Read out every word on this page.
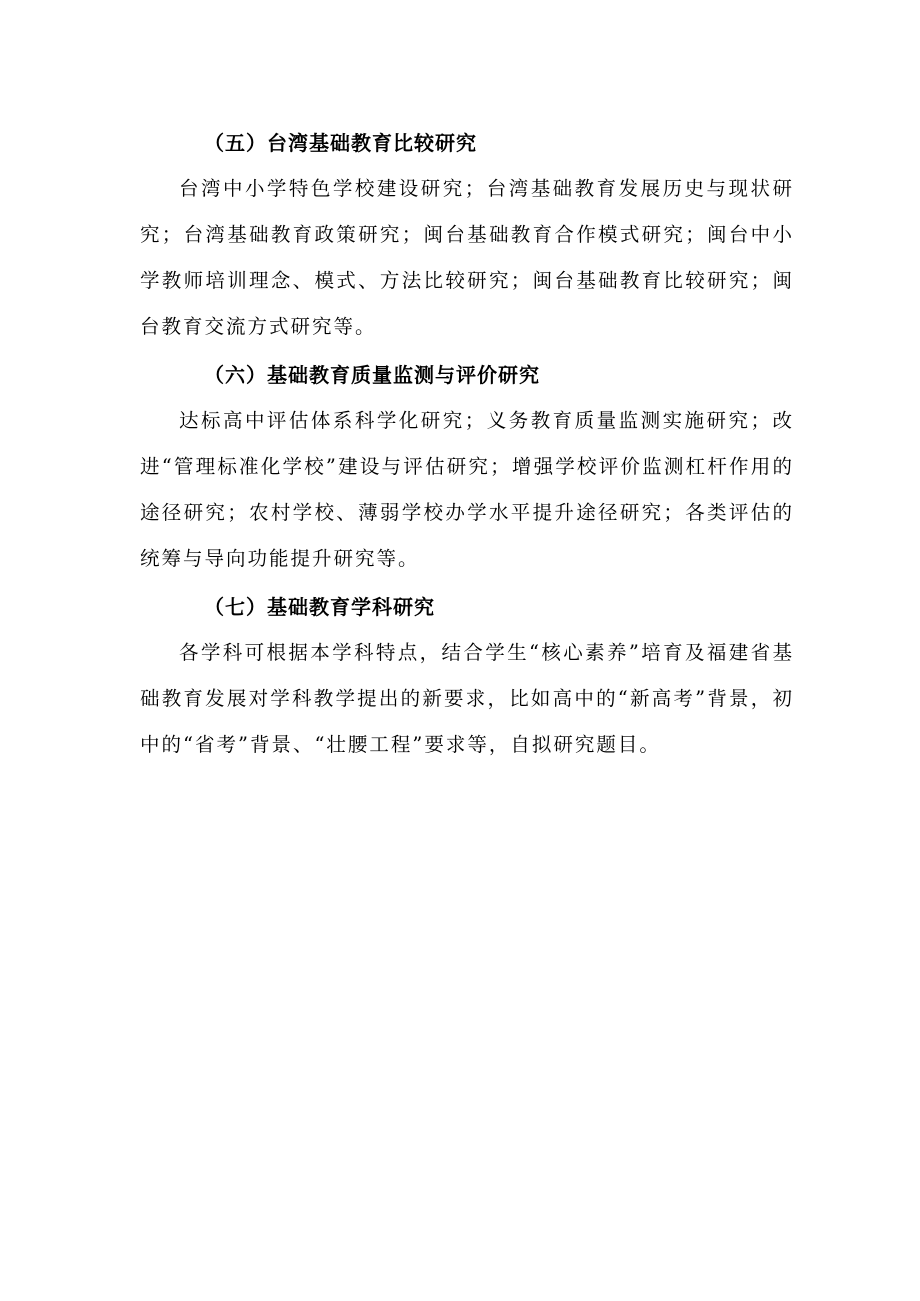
（五）台湾基础教育比较研究

台湾中小学特色学校建设研究；台湾基础教育发展历史与现状研究；台湾基础教育政策研究；闽台基础教育合作模式研究；闽台中小学教师培训理念、模式、方法比较研究；闽台基础教育比较研究；闽台教育交流方式研究等。

（六）基础教育质量监测与评价研究

达标高中评估体系科学化研究；义务教育质量监测实施研究；改进“管理标准化学校”建设与评估研究；增强学校评价监测杠杆作用的途径研究；农村学校、薄弱学校办学水平提升途径研究；各类评估的统筹与导向功能提升研究等。

（七）基础教育学科研究

各学科可根据本学科特点，结合学生“核心素养”培育及福建省基础教育发展对学科教学提出的新要求，比如高中的“新高考”背景，初中的“省考”背景、“壮腰工程”要求等，自拟研究题目。
